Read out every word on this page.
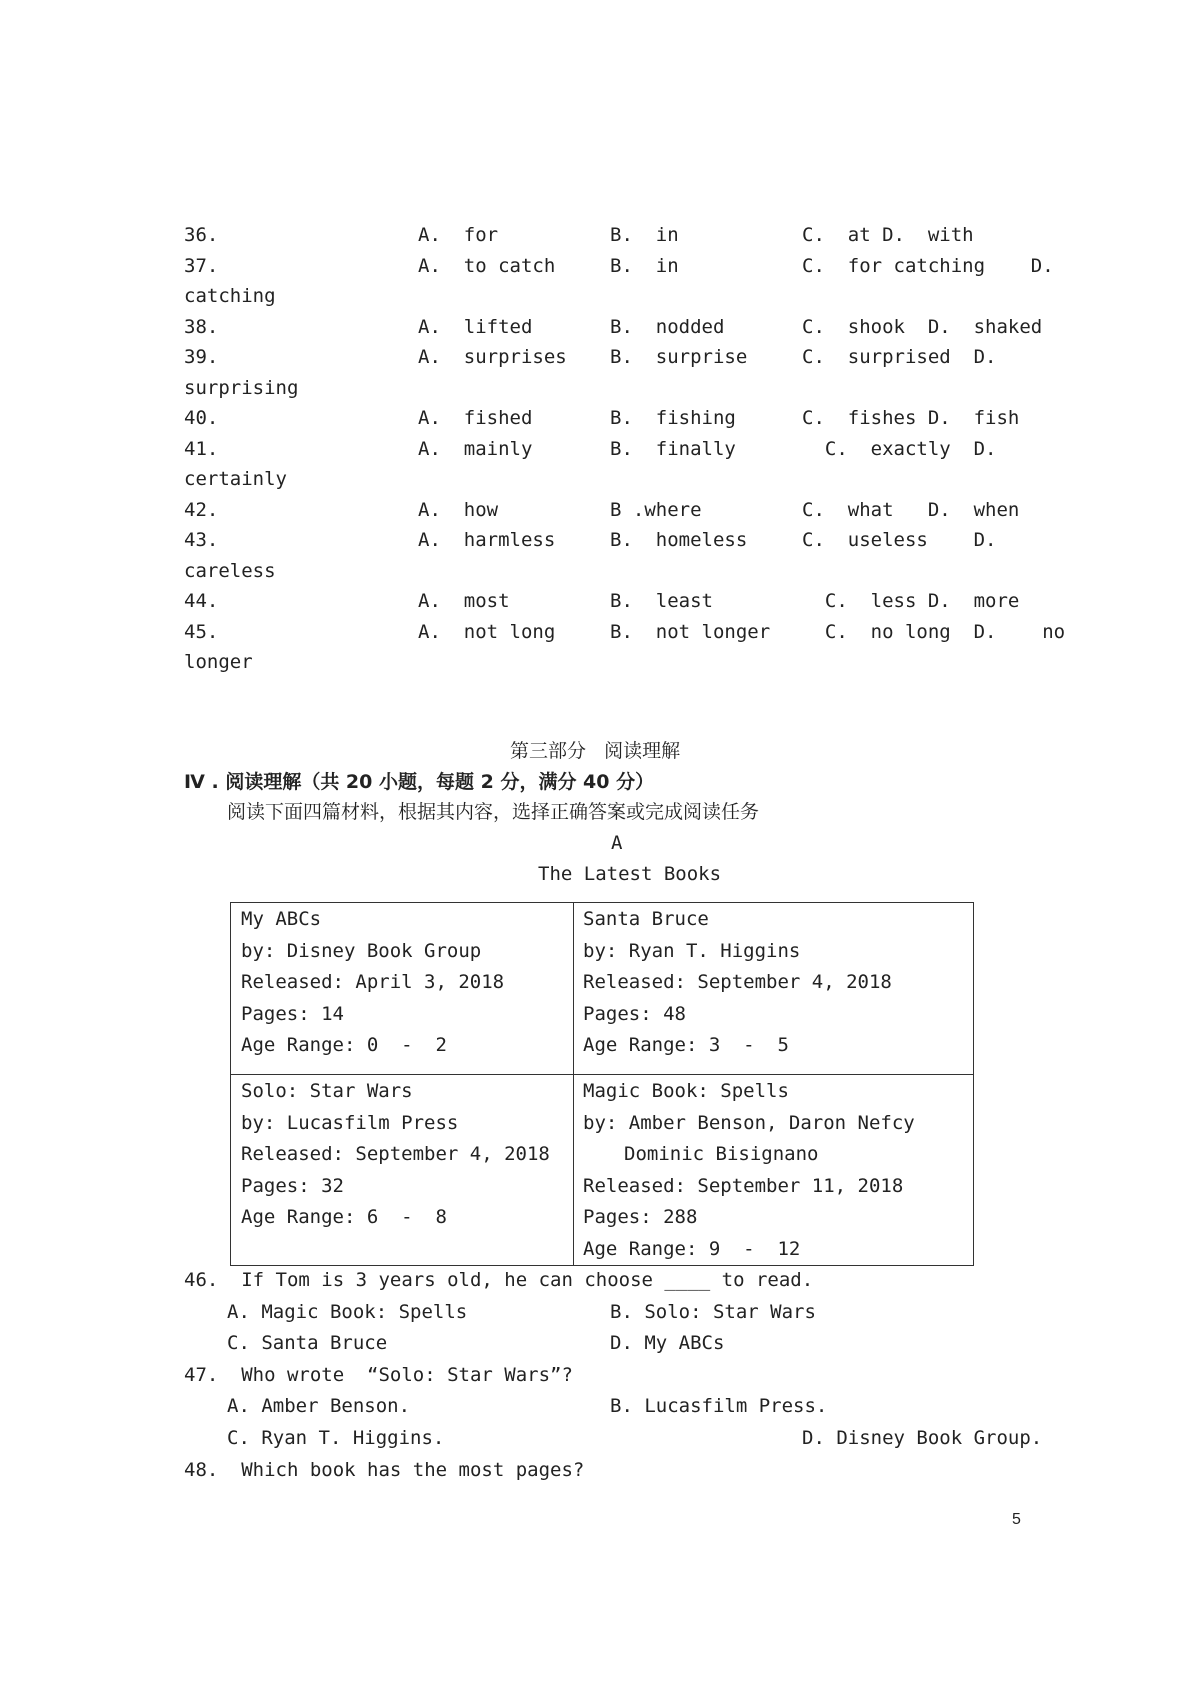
36.	A.  for	B.  in	C.  at D.  with
37.	A.  to catch	B.  in	C.  for catching    D.
catching
38.	A.  lifted	B.  nodded	C.  shook  D.  shaked
39.	A.  surprises B.  surprise	C.  surprised  D.
surprising
40.	A.  fished	B.  fishing	C.  fishes D.  fish
41.	A.  mainly	B.  finally	C.  exactly  D.
certainly
42.	A.  how	B .where	C.  what   D.  when
43.	A.  harmless	B.  homeless	C.  useless    D.
careless
44.	A.  most	B.  least	C.  less D.  more
45.	A.  not long	B.  not longer C.  no long  D.    no
longer
第三部分   阅读理解
Ⅳ . 阅读理解（共 20 小题，每题 2 分，满分 40 分）
阅读下面四篇材料，根据其内容，选择正确答案或完成阅读任务
A
The Latest Books
My ABCs
by: Disney Book Group
Released: April 3, 2018
Pages: 14
Age Range: 0  -  2
Santa Bruce
by: Ryan T. Higgins
Released: September 4, 2018
Pages: 48
Age Range: 3  -  5
Solo: Star Wars
by: Lucasfilm Press
Released: September 4, 2018
Pages: 32
Age Range: 6  -  8
Magic Book: Spells
by: Amber Benson, Daron Nefcy
Dominic Bisignano
Released: September 11, 2018
Pages: 288
Age Range: 9  -  12
46.  If Tom is 3 years old, he can choose ____ to read.
A. Magic Book: Spells	B. Solo: Star Wars
C. Santa Bruce	D. My ABCs
47.  Who wrote  “Solo: Star Wars”?
A. Amber Benson.	B. Lucasfilm Press.
C. Ryan T. Higgins.	D. Disney Book Group.
48.  Which book has the most pages?
5
